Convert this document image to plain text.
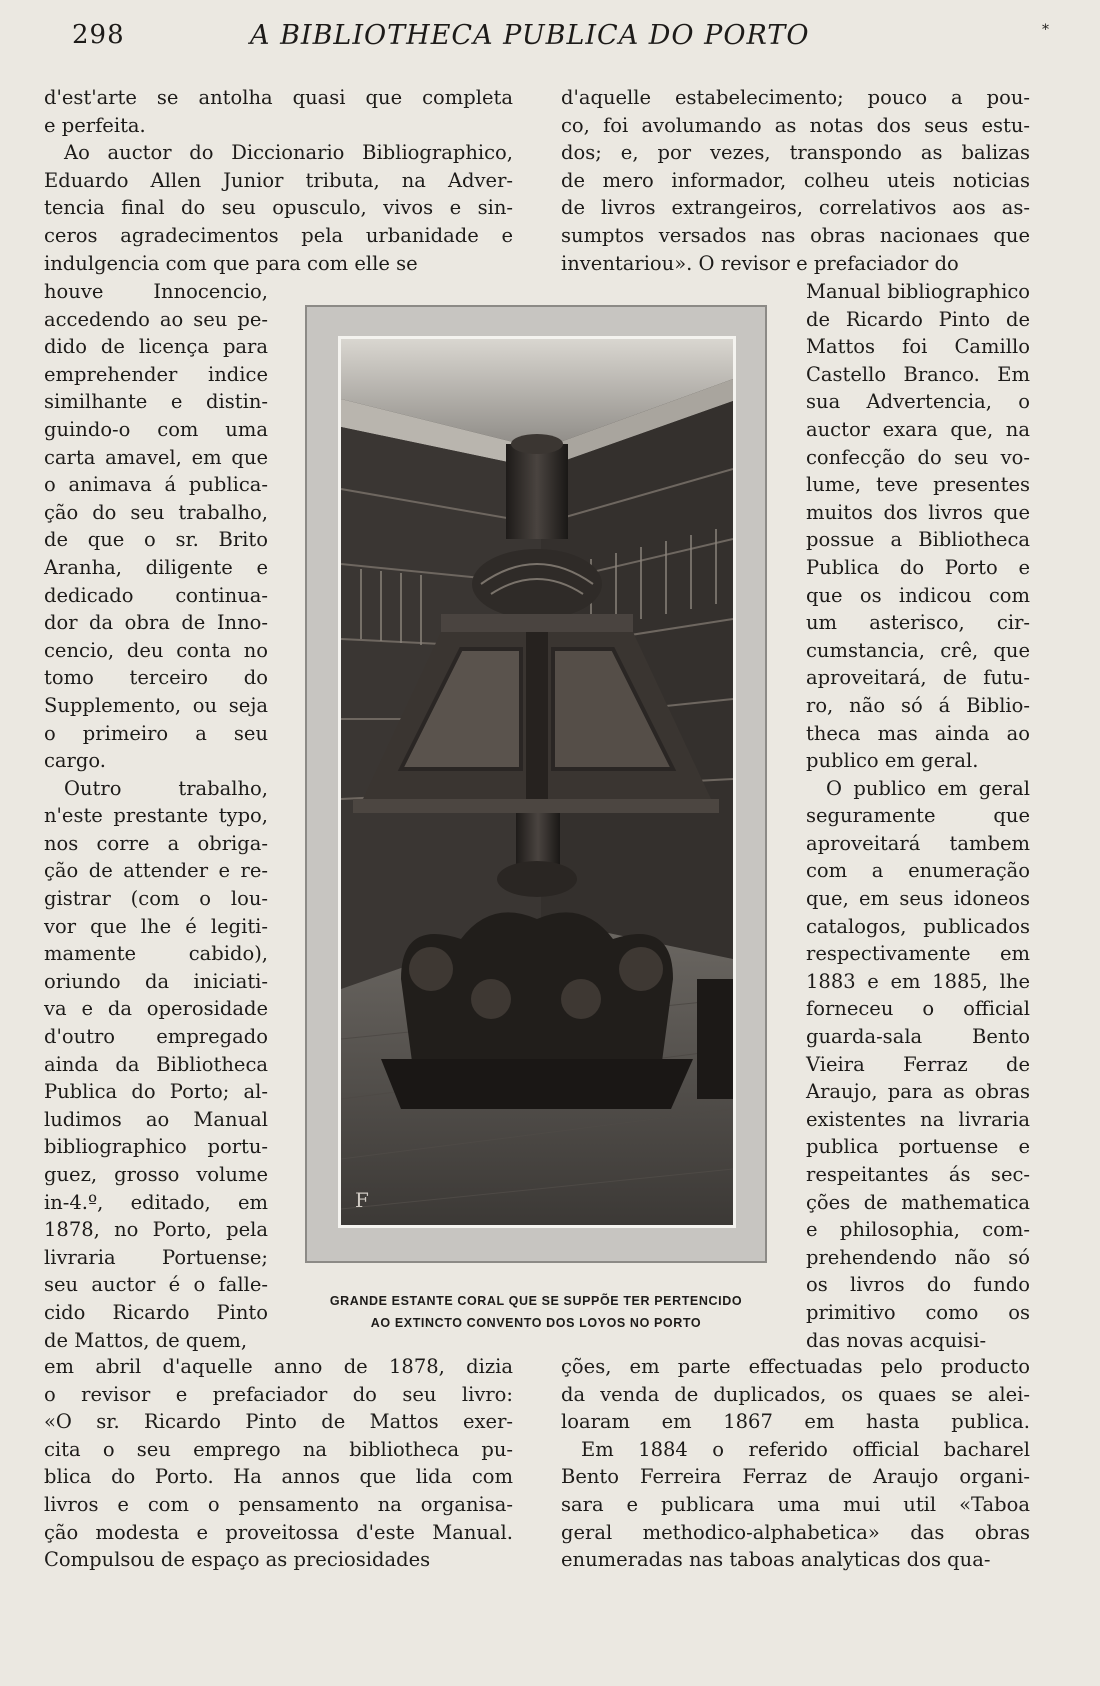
298	A BIBLIOTHECA PUBLICA DO PORTO	*
d'est'arte se antolha quasi que completa
e perfeita.
Ao auctor do Diccionario Bibliographico,
Eduardo Allen Junior tributa, na Adver-
tencia final do seu opusculo, vivos e sin-
ceros agradecimentos pela urbanidade e
indulgencia com que para com elle se
houve Innocencio,
accedendo ao seu pe-
dido de licença para
emprehender indice
similhante e distin-
guindo-o com uma
carta amavel, em que
o animava á publica-
ção do seu trabalho,
de que o sr. Brito
Aranha, diligente e
dedicado continua-
dor da obra de Inno-
cencio, deu conta no
tomo terceiro do
Supplemento, ou seja
o primeiro a seu
cargo.
Outro trabalho,
n'este prestante typo,
nos corre a obriga-
ção de attender e re-
gistrar (com o lou-
vor que lhe é legiti-
mamente cabido),
oriundo da iniciati-
va e da operosidade
d'outro empregado
ainda da Bibliotheca
Publica do Porto; al-
ludimos ao Manual
bibliographico portu-
guez, grosso volume
in-4.º, editado, em
1878, no Porto, pela
livraria Portuense;
seu auctor é o falle-
cido Ricardo Pinto
de Mattos, de quem,
em abril d'aquelle anno de 1878, dizia
o revisor e prefaciador do seu livro:
«O sr. Ricardo Pinto de Mattos exer-
cita o seu emprego na bibliotheca pu-
blica do Porto. Ha annos que lida com
livros e com o pensamento na organisa-
ção modesta e proveitossa d'este Manual.
Compulsou de espaço as preciosidades
d'aquelle estabelecimento; pouco a pou-
co, foi avolumando as notas dos seus estu-
dos; e, por vezes, transpondo as balizas
de mero informador, colheu uteis noticias
de livros extrangeiros, correlativos aos as-
sumptos versados nas obras nacionaes que
inventariou». O revisor e prefaciador do
Manual bibliographico
de Ricardo Pinto de
Mattos foi Camillo
Castello Branco. Em
sua Advertencia, o
auctor exara que, na
confecção do seu vo-
lume, teve presentes
muitos dos livros que
possue a Bibliotheca
Publica do Porto e
que os indicou com
um asterisco, cir-
cumstancia, crê, que
aproveitará, de futu-
ro, não só á Biblio-
theca mas ainda ao
publico em geral.
O publico em geral
seguramente que
aproveitará tambem
com a enumeração
que, em seus idoneos
catalogos, publicados
respectivamente em
1883 e em 1885, lhe
forneceu o official
guarda-sala Bento
Vieira Ferraz de
Araujo, para as obras
existentes na livraria
publica portuense e
respeitantes ás sec-
ções de mathematica
e philosophia, com-
prehendendo não só
os livros do fundo
primitivo como os
das novas acquisi-
ções, em parte effectuadas pelo producto
da venda de duplicados, os quaes se alei-
loaram em 1867 em hasta publica.
Em 1884 o referido official bacharel
Bento Ferreira Ferraz de Araujo organi-
sara e publicara uma mui util «Taboa
geral methodico-alphabetica» das obras
enumeradas nas taboas analyticas dos qua-
F
GRANDE ESTANTE CORAL QUE SE SUPPÕE TER PERTENCIDO
AO EXTINCTO CONVENTO DOS LOYOS NO PORTO
